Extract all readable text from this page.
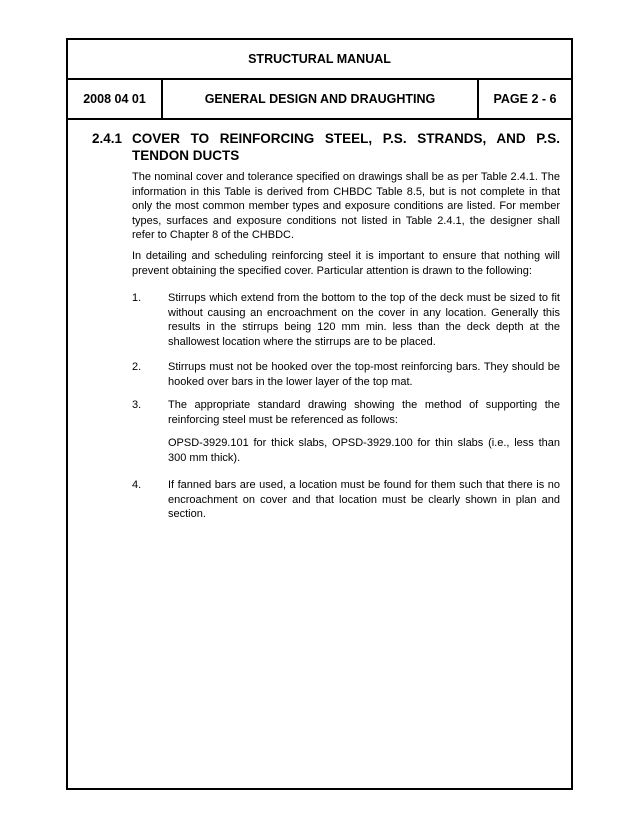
STRUCTURAL MANUAL
2008 04 01	GENERAL DESIGN AND DRAUGHTING	PAGE 2 - 6
2.4.1 COVER TO REINFORCING STEEL, P.S. STRANDS, AND P.S. TENDON DUCTS
The nominal cover and tolerance specified on drawings shall be as per Table 2.4.1. The information in this Table is derived from CHBDC Table 8.5, but is not complete in that only the most common member types and exposure conditions are listed. For member types, surfaces and exposure conditions not listed in Table 2.4.1, the designer shall refer to Chapter 8 of the CHBDC.
In detailing and scheduling reinforcing steel it is important to ensure that nothing will prevent obtaining the specified cover. Particular attention is drawn to the following:
1. Stirrups which extend from the bottom to the top of the deck must be sized to fit without causing an encroachment on the cover in any location. Generally this results in the stirrups being 120 mm min. less than the deck depth at the shallowest location where the stirrups are to be placed.
2. Stirrups must not be hooked over the top-most reinforcing bars. They should be hooked over bars in the lower layer of the top mat.
3. The appropriate standard drawing showing the method of supporting the reinforcing steel must be referenced as follows:
OPSD-3929.101 for thick slabs, OPSD-3929.100 for thin slabs (i.e., less than 300 mm thick).
4. If fanned bars are used, a location must be found for them such that there is no encroachment on cover and that location must be clearly shown in plan and section.
